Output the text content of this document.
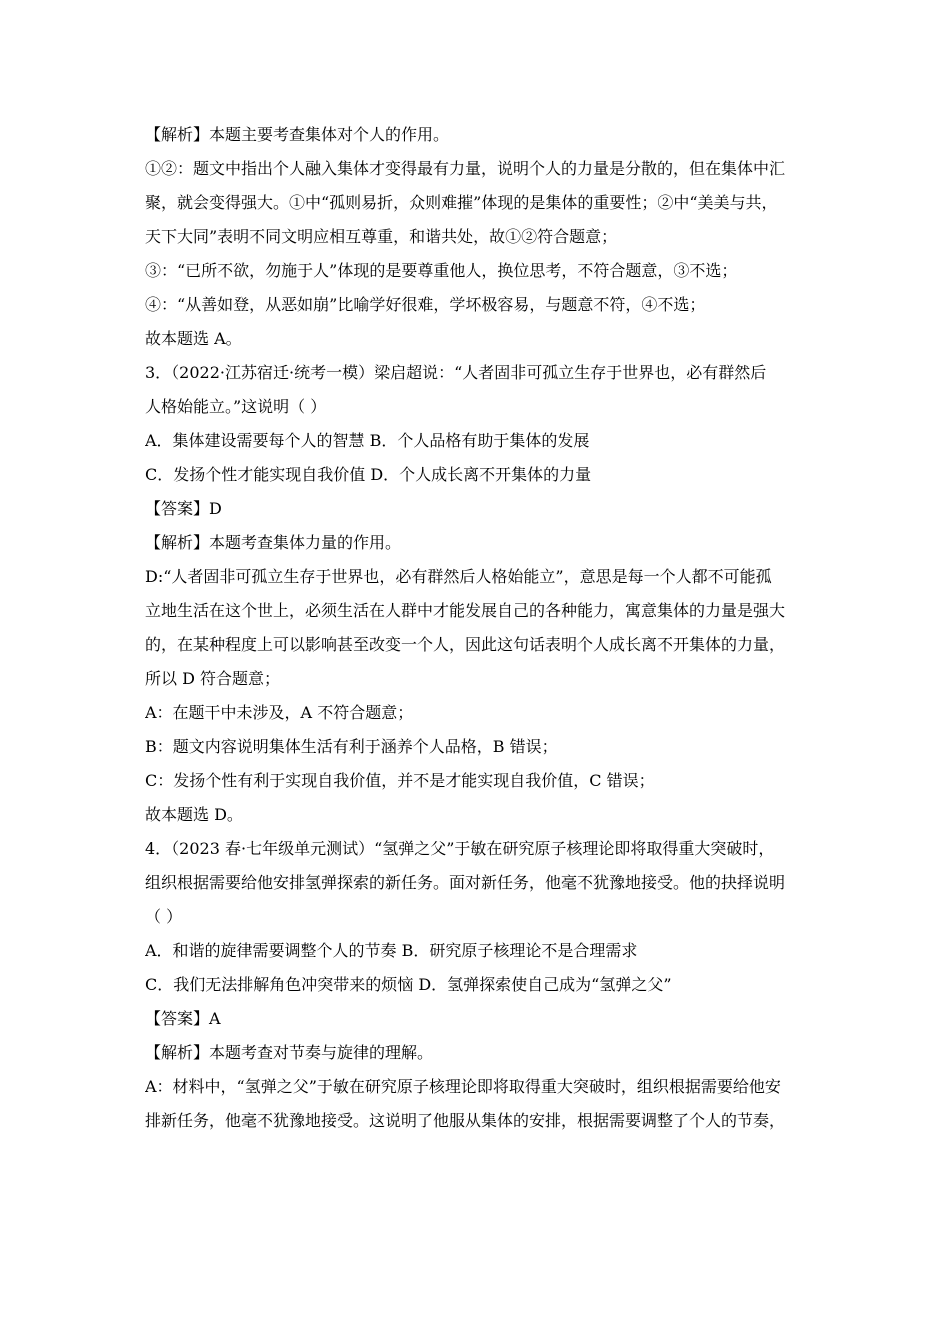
【解析】本题主要考查集体对个人的作用。
①②：题文中指出个人融入集体才变得最有力量，说明个人的力量是分散的，但在集体中汇
聚，就会变得强大。①中“孤则易折，众则难摧”体现的是集体的重要性；②中“美美与共，
天下大同”表明不同文明应相互尊重，和谐共处，故①②符合题意；
③：“已所不欲，勿施于人”体现的是要尊重他人，换位思考，不符合题意，③不选；
④：“从善如登，从恶如崩”比喻学好很难，学坏极容易，与题意不符，④不选；
故本题选 A。
3．（2022·江苏宿迁·统考一模）梁启超说：“人者固非可孤立生存于世界也，必有群然后
人格始能立。”这说明（ ）
A．集体建设需要每个人的智慧 B．个人品格有助于集体的发展
C．发扬个性才能实现自我价值 D．个人成长离不开集体的力量
【答案】D
【解析】本题考查集体力量的作用。
D:“人者固非可孤立生存于世界也，必有群然后人格始能立”，意思是每一个人都不可能孤
立地生活在这个世上，必须生活在人群中才能发展自己的各种能力，寓意集体的力量是强大
的，在某种程度上可以影响甚至改变一个人，因此这句话表明个人成长离不开集体的力量，
所以 D 符合题意；
A：在题干中未涉及，A 不符合题意；
B：题文内容说明集体生活有利于涵养个人品格，B 错误；
C：发扬个性有利于实现自我价值，并不是才能实现自我价值，C 错误；
故本题选 D。
4．（2023 春·七年级单元测试）“氢弹之父”于敏在研究原子核理论即将取得重大突破时，
组织根据需要给他安排氢弹探索的新任务。面对新任务，他毫不犹豫地接受。他的抉择说明
（ ）
A．和谐的旋律需要调整个人的节奏 B．研究原子核理论不是合理需求
C．我们无法排解角色冲突带来的烦恼 D．氢弹探索使自己成为“氢弹之父”
【答案】A
【解析】本题考查对节奏与旋律的理解。
A：材料中，“氢弹之父”于敏在研究原子核理论即将取得重大突破时，组织根据需要给他安
排新任务，他毫不犹豫地接受。这说明了他服从集体的安排，根据需要调整了个人的节奏，
